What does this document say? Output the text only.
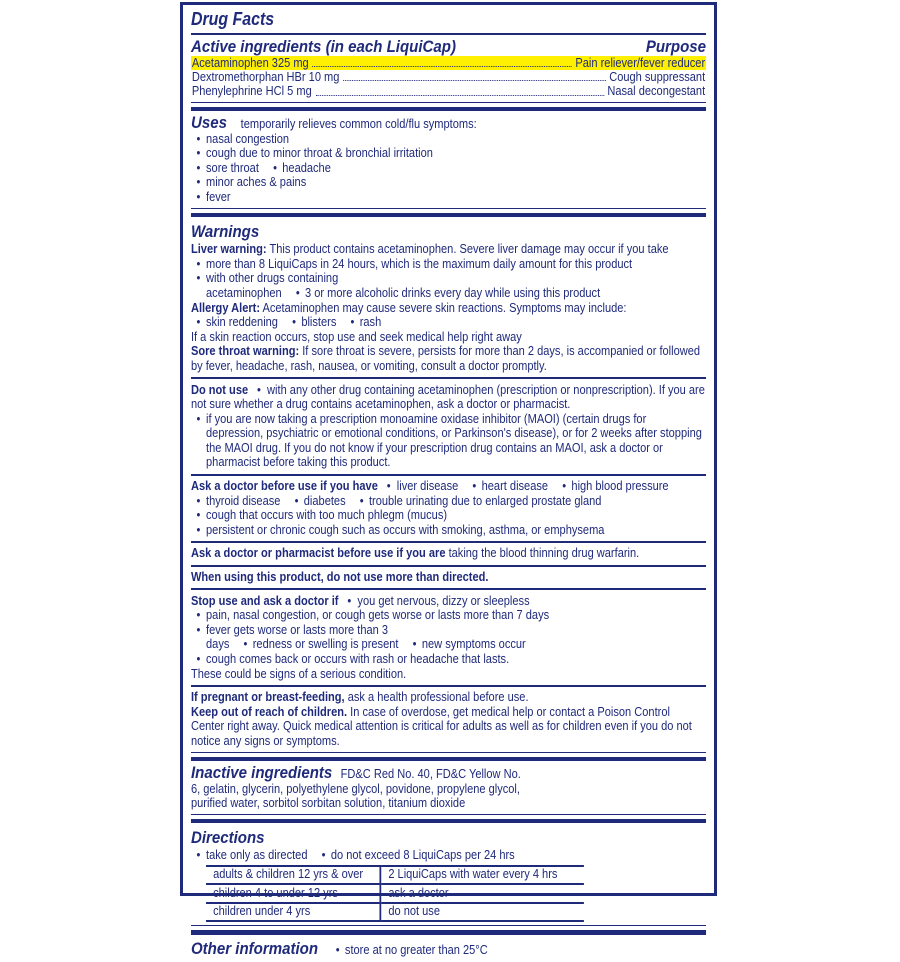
Drug Facts
Active ingredients (in each LiquiCap)	Purpose
Acetaminophen 325 mg	Pain reliever/fever reducer
Dextromethorphan HBr 10 mg	Cough suppressant
Phenylephrine HCl 5 mg	Nasal decongestant

Uses temporarily relieves common cold/flu symptoms:

• nasal congestion
• cough due to minor throat & bronchial irritation
• sore throat • headache
• minor aches & pains
• fever
Warnings

Liver warning: This product contains acetaminophen. Severe liver damage may occur if you take

• more than 8 LiquiCaps in 24 hours, which is the maximum daily amount for this product
• with other drugs containing acetaminophen • 3 or more alcoholic drinks every day while using this product

Allergy Alert: Acetaminophen may cause severe skin reactions. Symptoms may include:

• skin reddening • blisters • rash

If a skin reaction occurs, stop use and seek medical help right away

Sore throat warning: If sore throat is severe, persists for more than 2 days, is accompanied or followed by fever, headache, rash, nausea, or vomiting, consult a doctor promptly.

Do not use • with any other drug containing acetaminophen (prescription or nonprescription). If you are not sure whether a drug contains acetaminophen, ask a doctor or pharmacist.

• if you are now taking a prescription monoamine oxidase inhibitor (MAOI) (certain drugs for depression, psychiatric or emotional conditions, or Parkinson's disease), or for 2 weeks after stopping the MAOI drug. If you do not know if your prescription drug contains an MAOI, ask a doctor or pharmacist before taking this product.

Ask a doctor before use if you have • liver disease • heart disease • high blood pressure

• thyroid disease • diabetes • trouble urinating due to enlarged prostate gland
• cough that occurs with too much phlegm (mucus)
• persistent or chronic cough such as occurs with smoking, asthma, or emphysema

Ask a doctor or pharmacist before use if you are taking the blood thinning drug warfarin.

When using this product, do not use more than directed.

Stop use and ask a doctor if • you get nervous, dizzy or sleepless

• pain, nasal congestion, or cough gets worse or lasts more than 7 days
• fever gets worse or lasts more than 3 days • redness or swelling is present • new symptoms occur
• cough comes back or occurs with rash or headache that lasts.

These could be signs of a serious condition.

If pregnant or breast-feeding, ask a health professional before use.

Keep out of reach of children. In case of overdose, get medical help or contact a Poison Control Center right away. Quick medical attention is critical for adults as well as for children even if you do not notice any signs or symptoms.

Inactive ingredients FD&C Red No. 40, FD&C Yellow No. 6, gelatin, glycerin, polyethylene glycol, povidone, propylene glycol, purified water, sorbitol sorbitan solution, titanium dioxide

Directions
• take only as directed • do not exceed 8 LiquiCaps per 24 hrs
adults & children 12 yrs & over	2 LiquiCaps with water every 4 hrs
children 4 to under 12 yrs	ask a doctor
children under 4 yrs	do not use
Other information • store at no greater than 25°C
